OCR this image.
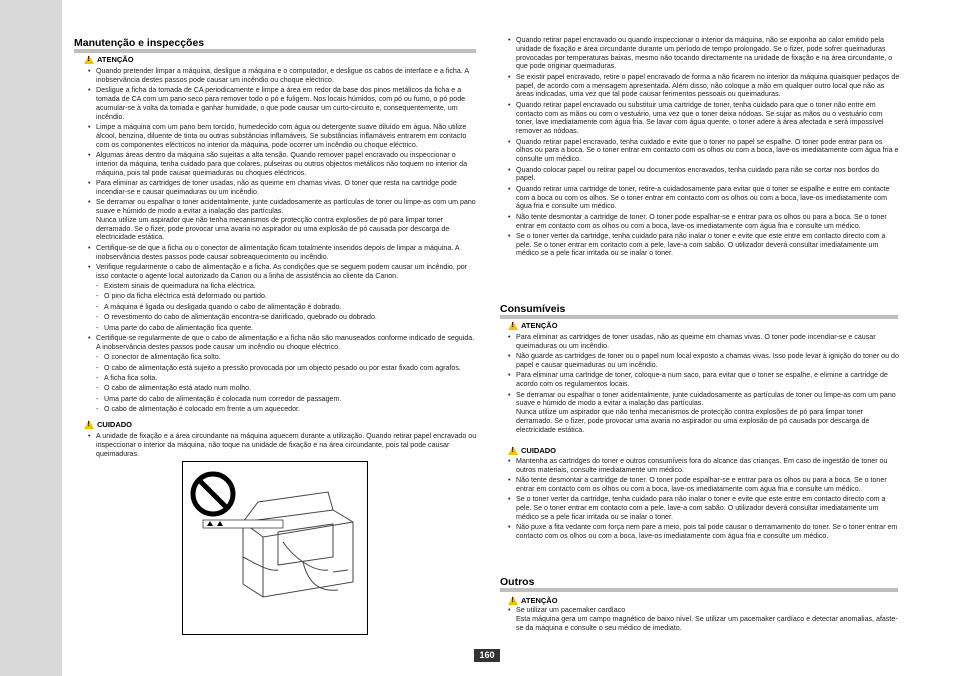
Manutenção e inspecções
!
ATENÇÃO
• Quando pretender limpar a máquina, desligue a máquina e o computador, e desligue os cabos de interface e a ficha. A inobservância destes passos pode causar um incêndio ou choque eléctrico.
• Desligue a ficha da tomada de CA periodicamente e limpe a área em redor da base dos pinos metálicos da ficha e a tomada de CA com um pano seco para remover todo o pó e fuligem. Nos locais húmidos, com pó ou fumo, o pó pode acumular-se à volta da tomada e ganhar humidade, o que pode causar um curto-circuito e, consequentemente, um incêndio.
• Limpe a máquina com um pano bem torcido, humedecido com água ou detergente suave diluído em água. Não utilize álcool, benzina, diluente de tinta ou outras substâncias inflamáveis. Se substâncias inflamáveis entrarem em contacto com os componentes eléctricos no interior da máquina, pode ocorrer um incêndio ou choque eléctrico.
• Algumas áreas dentro da máquina são sujeitas a alta tensão. Quando remover papel encravado ou inspeccionar o interior da máquina, tenha cuidado para que colares, pulseiras ou outros objectos metálicos não toquem no interior da máquina, pois tal pode causar queimaduras ou choques eléctricos.
• Para eliminar as cartridges de toner usadas, não as queime em chamas vivas. O toner que resta na cartridge pode incendiar-se e causar queimaduras ou um incêndio.
• Se derramar ou espalhar o toner acidentalmente, junte cuidadosamente as partículas de toner ou limpe-as com um pano suave e húmido de modo a evitar a inalação das partículas.
Nunca utilize um aspirador que não tenha mecanismos de protecção contra explosões de pó para limpar toner derramado. Se o fizer, pode provocar uma avaria no aspirador ou uma explosão de pó causada por descarga de electricidade estática.
• Certifique-se de que a ficha ou o conector de alimentação ficam totalmente inseridos depois de limpar a máquina. A inobservância destes passos pode causar sobreaquecimento ou incêndio.
• Verifique regularmente o cabo de alimentação e a ficha. As condições que se seguem podem causar um incêndio, por isso contacte o agente local autorizado da Canon ou a linha de assistência ao cliente da Canon.
- Existem sinais de queimadura na ficha eléctrica.
- O pino da ficha eléctrica está deformado ou partido.
- A máquina é ligada ou desligada quando o cabo de alimentação é dobrado.
- O revestimento do cabo de alimentação encontra-se danificado, quebrado ou dobrado.
- Uma parte do cabo de alimentação fica quente.
• Certifique-se regularmente de que o cabo de alimentação e a ficha não são manuseados conforme indicado de seguida. A inobservância destes passos pode causar um incêndio ou choque eléctrico.
- O conector de alimentação fica solto.
- O cabo de alimentação está sujeito a pressão provocada por um objecto pesado ou por estar fixado com agrafos.
- A ficha fica solta.
- O cabo de alimentação está atado num molho.
- Uma parte do cabo de alimentação é colocada num corredor de passagem.
- O cabo de alimentação é colocado em frente a um aquecedor.
!
CUIDADO
• A unidade de fixação e a área circundante na máquina aquecem durante a utilização. Quando retirar papel encravado ou inspeccionar o interior da máquina, não toque na unidade de fixação e na área circundante, pois tal pode causar queimaduras.
• Quando retirar papel encravado ou quando inspeccionar o interior da máquina, não se exponha ao calor emitido pela unidade de fixação e área circundante durante um período de tempo prolongado. Se o fizer, pode sofrer queimaduras provocadas por temperaturas baixas, mesmo não tocando directamente na unidade de fixação e na área circundante, o que pode originar queimaduras.
• Se existir papel encravado, retire o papel encravado de forma a não ficarem no interior da máquina quaisquer pedaços de papel, de acordo com a mensagem apresentada. Além disso, não coloque a mão em qualquer outro local que não as áreas indicadas, uma vez que tal pode causar ferimentos pessoais ou queimaduras.
• Quando retirar papel encravado ou substituir uma cartridge de toner, tenha cuidado para que o toner não entre em contacto com as mãos ou com o vestuário, uma vez que o toner deixa nódoas. Se sujar as mãos ou o vestuário com toner, lave imediatamente com água fria. Se lavar com água quente, o toner adere à área afectada e será impossível remover as nódoas.
• Quando retirar papel encravado, tenha cuidado e evite que o toner no papel se espalhe. O toner pode entrar para os olhos ou para a boca. Se o toner entrar em contacto com os olhos ou com a boca, lave-os imediatamente com água fria e consulte um médico.
• Quando colocar papel ou retirar papel ou documentos encravados, tenha cuidado para não se cortar nos bordos do papel.
• Quando retirar uma cartridge de toner, retire-a cuidadosamente para evitar que o toner se espalhe e entre em contacte com a boca ou com os olhos. Se o toner entrar em contacto com os olhos ou com a boca, lave-os imediatamente com água fria e consulte um médico.
• Não tente desmontar a cartridge de toner. O toner pode espalhar-se e entrar para os olhos ou para a boca. Se o toner entrar em contacto com os olhos ou com a boca, lave-os imediatamente com água fria e consulte um médico.
• Se o toner verter da cartridge, tenha cuidado para não inalar o toner e evite que este entre em contacto directo com a pele. Se o toner entrar em contacto com a pele, lave-a com sabão. O utilizador deverá consultar imediatamente um médico se a pele ficar irritada ou se inalar o toner.
Consumíveis
!
ATENÇÃO
• Para eliminar as cartridges de toner usadas, não as queime em chamas vivas. O toner pode incendiar-se e causar queimaduras ou um incêndio.
• Não guarde as cartridges de toner ou o papel num local exposto a chamas vivas. Isso pode levar à ignição do toner ou do papel e causar queimaduras ou um incêndio.
• Para eliminar uma cartridge de toner, coloque-a num saco, para evitar que o toner se espalhe, e elimine a cartridge de acordo com os regulamentos locais.
• Se derramar ou espalhar o toner acidentalmente, junte cuidadosamente as partículas de toner ou limpe-as com um pano suave e húmido de modo a evitar a inalação das partículas.
Nunca utilize um aspirador que não tenha mecanismos de protecção contra explosões de pó para limpar toner derramado. Se o fizer, pode provocar uma avaria no aspirador ou uma explosão de pó causada por descarga de electricidade estática.
!
CUIDADO
• Mantenha as cartridges do toner e outros consumíveis fora do alcance das crianças. Em caso de ingestão de toner ou outros materiais, consulte imediatamente um médico.
• Não tente desmontar a cartridge de toner. O toner pode espalhar-se e entrar para os olhos ou para a boca. Se o toner entrar em contacto com os olhos ou com a boca, lave-os imediatamente com água fria e consulte um médico.
• Se o toner verter da cartridge, tenha cuidado para não inalar o toner e evite que este entre em contacto directo com a pele. Se o toner entrar em contacto com a pele, lave-a com sabão. O utilizador deverá consultar imediatamente um médico se a pele ficar irritada ou se inalar o toner.
• Não puxe a fita vedante com força nem pare a meio, pois tal pode causar o derramamento do toner. Se o toner entrar em contacto com os olhos ou com a boca, lave-os imediatamente com água fria e consulte um médico.
Outros
!
ATENÇÃO
• Se utilizar um pacemaker cardíaco
Esta máquina gera um campo magnético de baixo nível. Se utilizar um pacemaker cardíaco e detectar anomalias, afaste-se da máquina e consulte o seu médico de imediato.
160
